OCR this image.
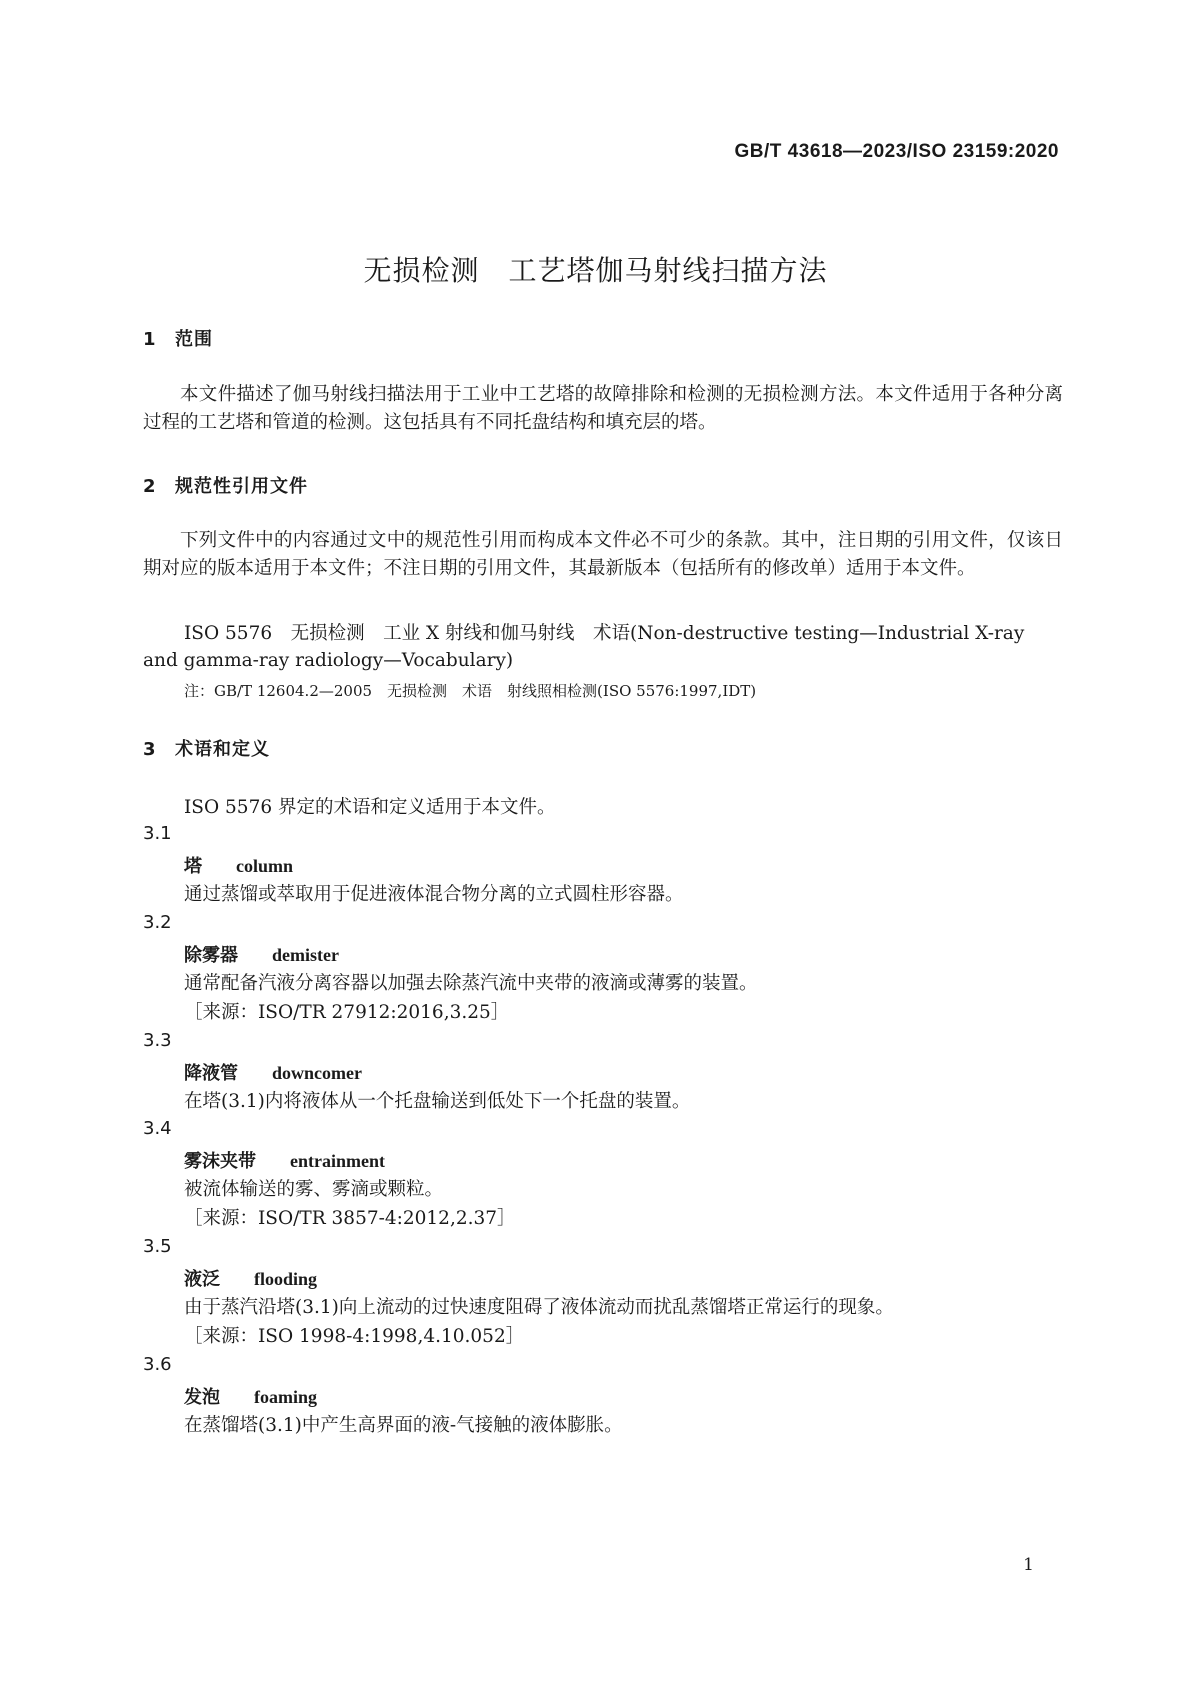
GB/T 43618—2023/ISO 23159:2020
无损检测　工艺塔伽马射线扫描方法
1 范围
本文件描述了伽马射线扫描法用于工业中工艺塔的故障排除和检测的无损检测方法。本文件适用于各种分离过程的工艺塔和管道的检测。这包括具有不同托盘结构和填充层的塔。
2 规范性引用文件
下列文件中的内容通过文中的规范性引用而构成本文件必不可少的条款。其中，注日期的引用文件，仅该日期对应的版本适用于本文件；不注日期的引用文件，其最新版本（包括所有的修改单）适用于本文件。
ISO 5576　无损检测　工业 X 射线和伽马射线　术语(Non-destructive testing—Industrial X-ray
and gamma-ray radiology—Vocabulary)
注：GB/T 12604.2—2005　无损检测　术语　射线照相检测(ISO 5576:1997,IDT)
3 术语和定义
ISO 5576 界定的术语和定义适用于本文件。
3.1
塔 column
通过蒸馏或萃取用于促进液体混合物分离的立式圆柱形容器。
3.2
除雾器 demister
通常配备汽液分离容器以加强去除蒸汽流中夹带的液滴或薄雾的装置。
［来源：ISO/TR 27912:2016,3.25］
3.3
降液管 downcomer
在塔(3.1)内将液体从一个托盘输送到低处下一个托盘的装置。
3.4
雾沫夹带 entrainment
被流体输送的雾、雾滴或颗粒。
［来源：ISO/TR 3857-4:2012,2.37］
3.5
液泛 flooding
由于蒸汽沿塔(3.1)向上流动的过快速度阻碍了液体流动而扰乱蒸馏塔正常运行的现象。
［来源：ISO 1998-4:1998,4.10.052］
3.6
发泡 foaming
在蒸馏塔(3.1)中产生高界面的液-气接触的液体膨胀。
1
